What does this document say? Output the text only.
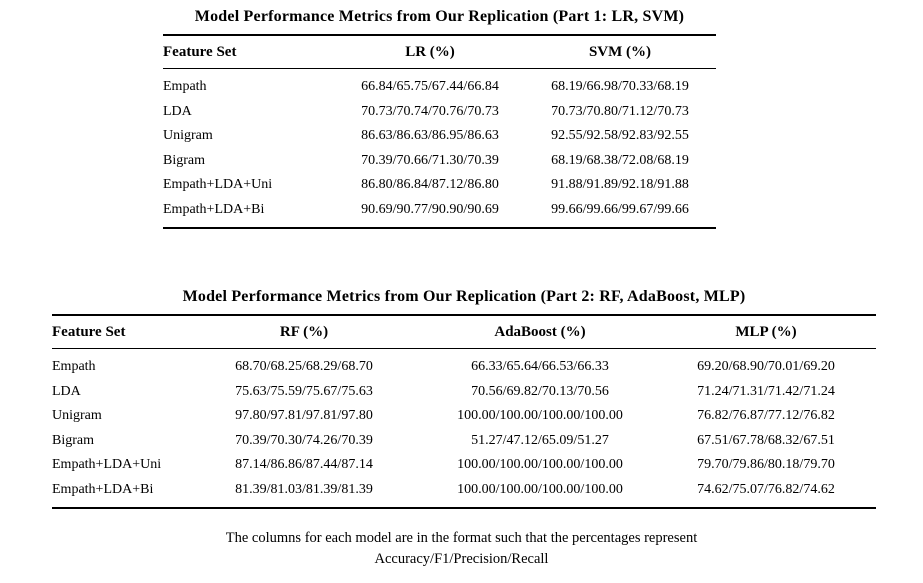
Model Performance Metrics from Our Replication (Part 1: LR, SVM)
Feature Set	LR (%)	SVM (%)
Empath	66.84/65.75/67.44/66.84	68.19/66.98/70.33/68.19
LDA	70.73/70.74/70.76/70.73	70.73/70.80/71.12/70.73
Unigram	86.63/86.63/86.95/86.63	92.55/92.58/92.83/92.55
Bigram	70.39/70.66/71.30/70.39	68.19/68.38/72.08/68.19
Empath+LDA+Uni	86.80/86.84/87.12/86.80	91.88/91.89/92.18/91.88
Empath+LDA+Bi	90.69/90.77/90.90/90.69	99.66/99.66/99.67/99.66
Model Performance Metrics from Our Replication (Part 2: RF, AdaBoost, MLP)
Feature Set	RF (%)	AdaBoost (%)	MLP (%)
Empath	68.70/68.25/68.29/68.70	66.33/65.64/66.53/66.33	69.20/68.90/70.01/69.20
LDA	75.63/75.59/75.67/75.63	70.56/69.82/70.13/70.56	71.24/71.31/71.42/71.24
Unigram	97.80/97.81/97.81/97.80	100.00/100.00/100.00/100.00	76.82/76.87/77.12/76.82
Bigram	70.39/70.30/74.26/70.39	51.27/47.12/65.09/51.27	67.51/67.78/68.32/67.51
Empath+LDA+Uni	87.14/86.86/87.44/87.14	100.00/100.00/100.00/100.00	79.70/79.86/80.18/79.70
Empath+LDA+Bi	81.39/81.03/81.39/81.39	100.00/100.00/100.00/100.00	74.62/75.07/76.82/74.62
The columns for each model are in the format such that the percentages represent
Accuracy/F1/Precision/Recall
